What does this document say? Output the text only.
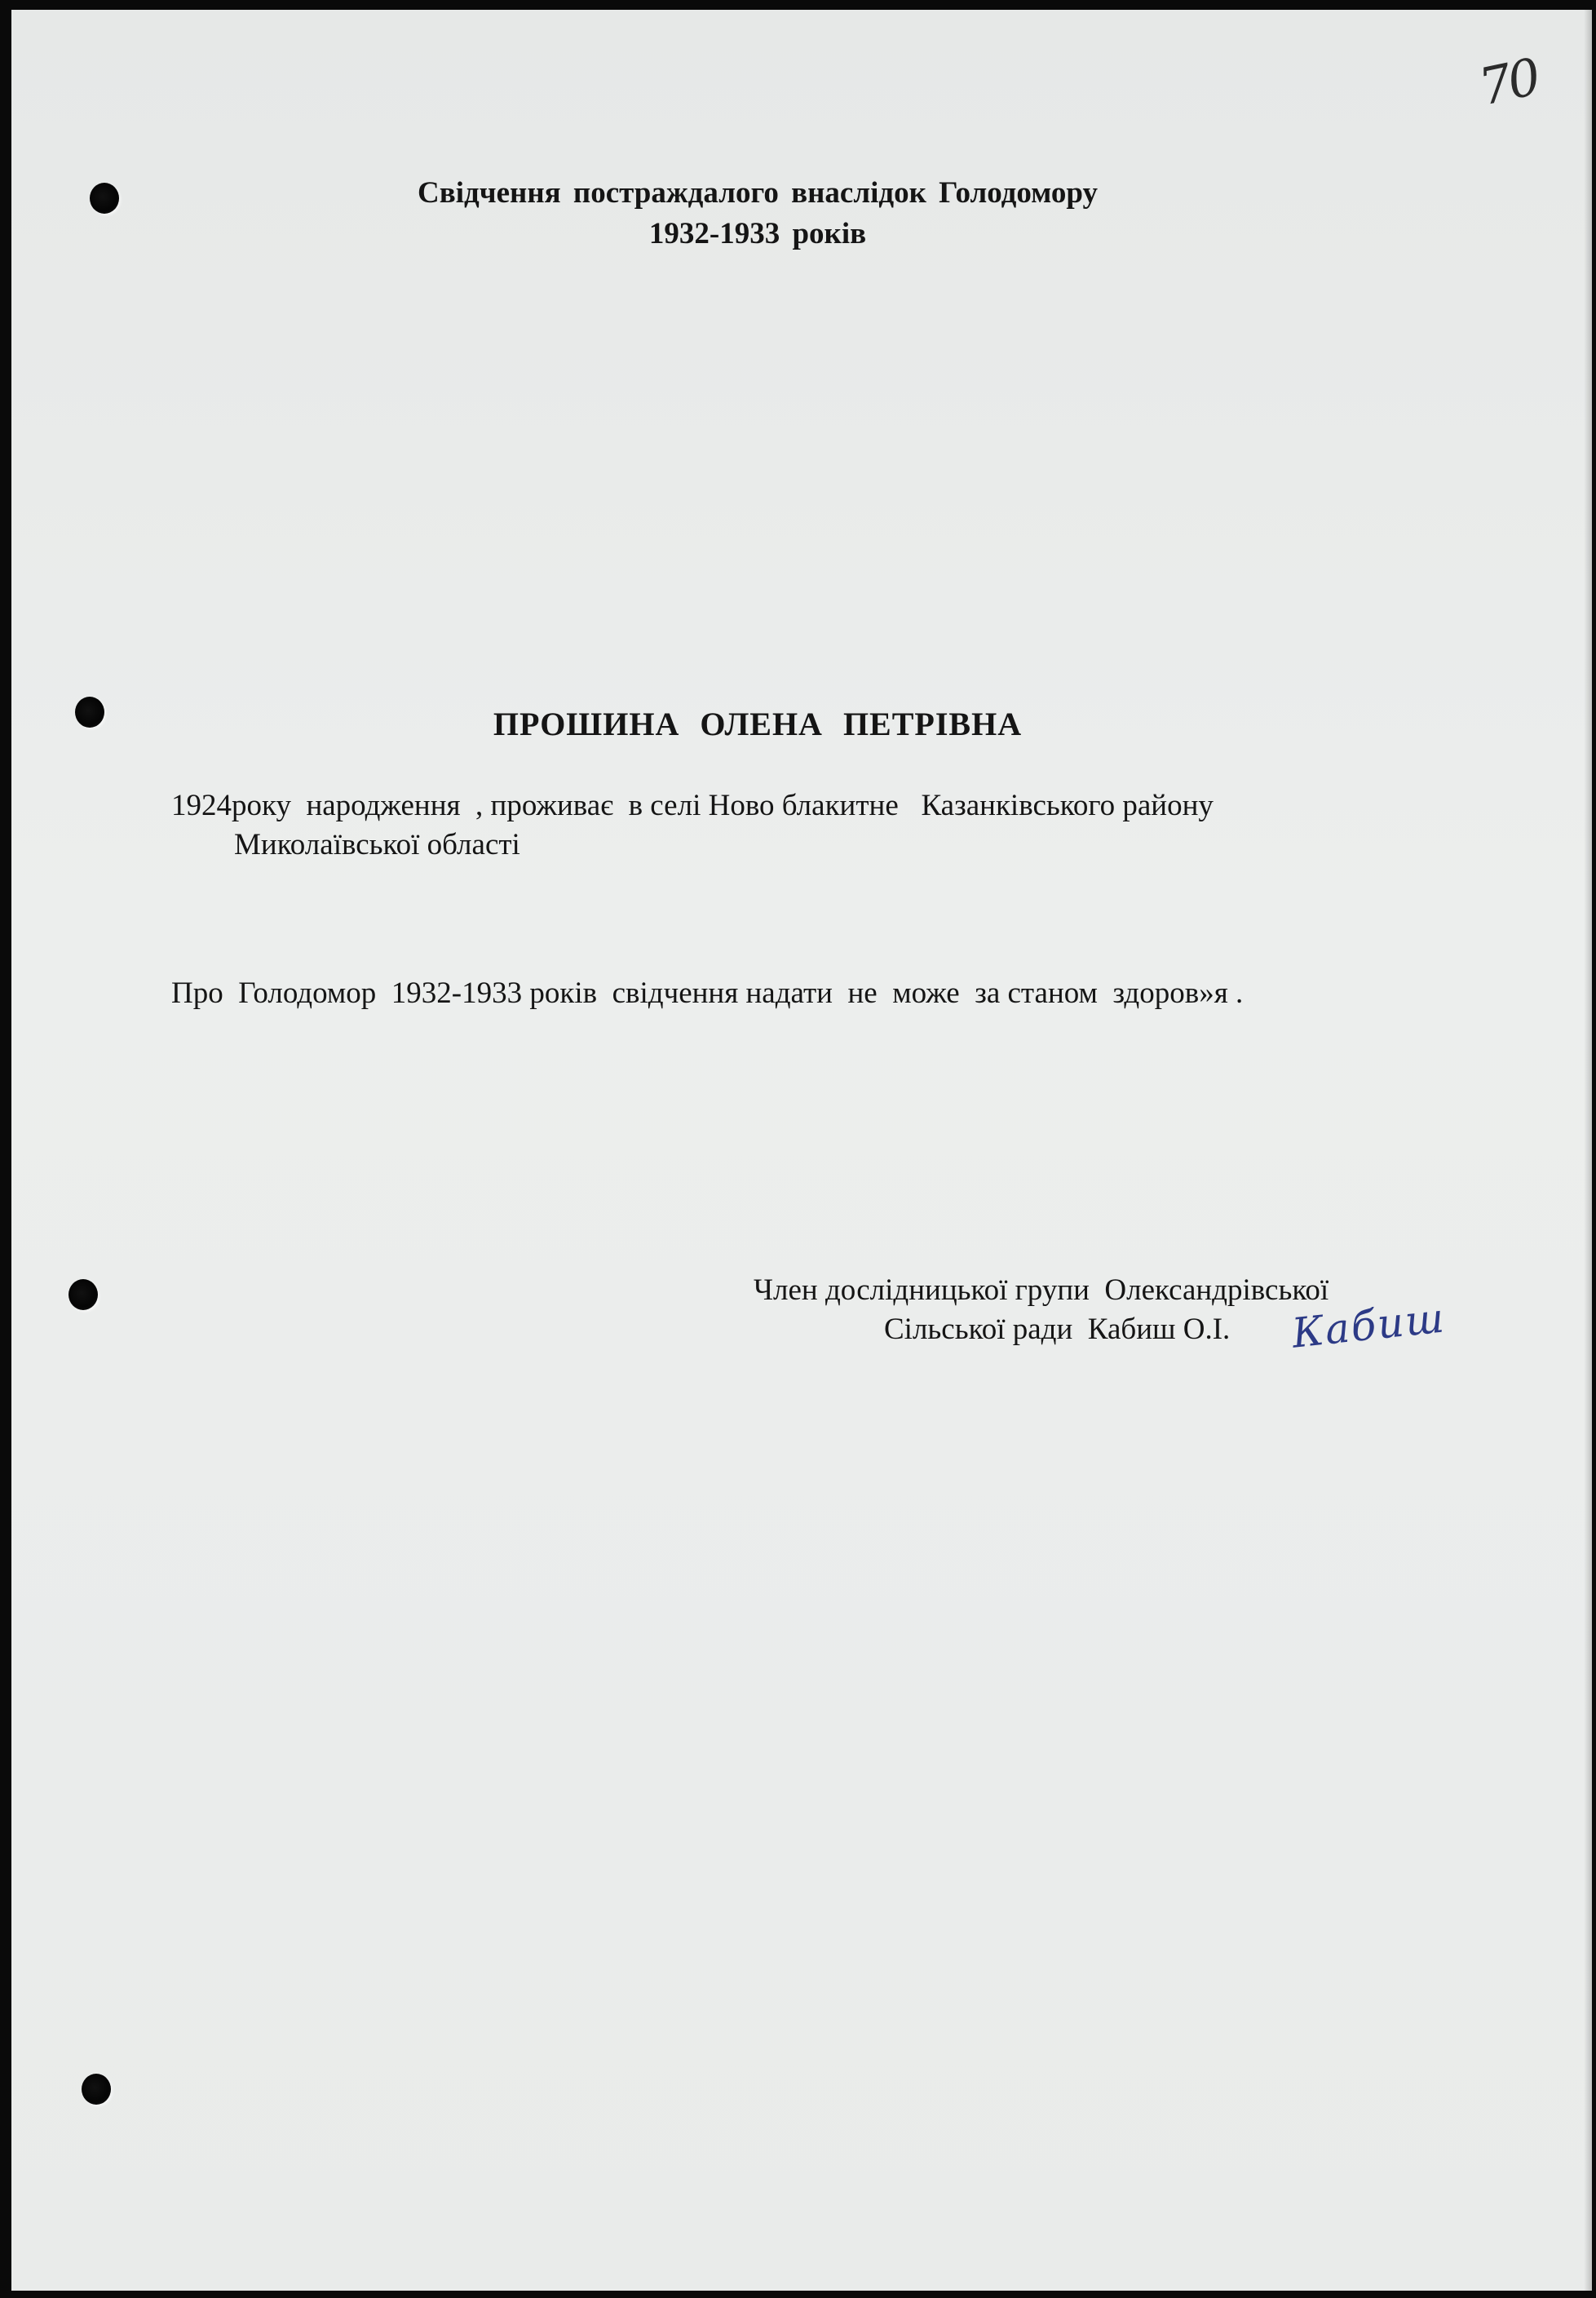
70
Свідчення постраждалого внаслідок Голодомору
1932-1933 років
ПРОШИНА ОЛЕНА ПЕТРІВНА
1924року  народження  , проживає  в селі Ново блакитне   Казанківського району
Миколаївської області
Про  Голодомор  1932-1933 років  свідчення надати  не  може  за станом  здоров»я .
Член дослідницької групи  Олександрівської
Сільської ради  Кабиш О.І. Кабиш
